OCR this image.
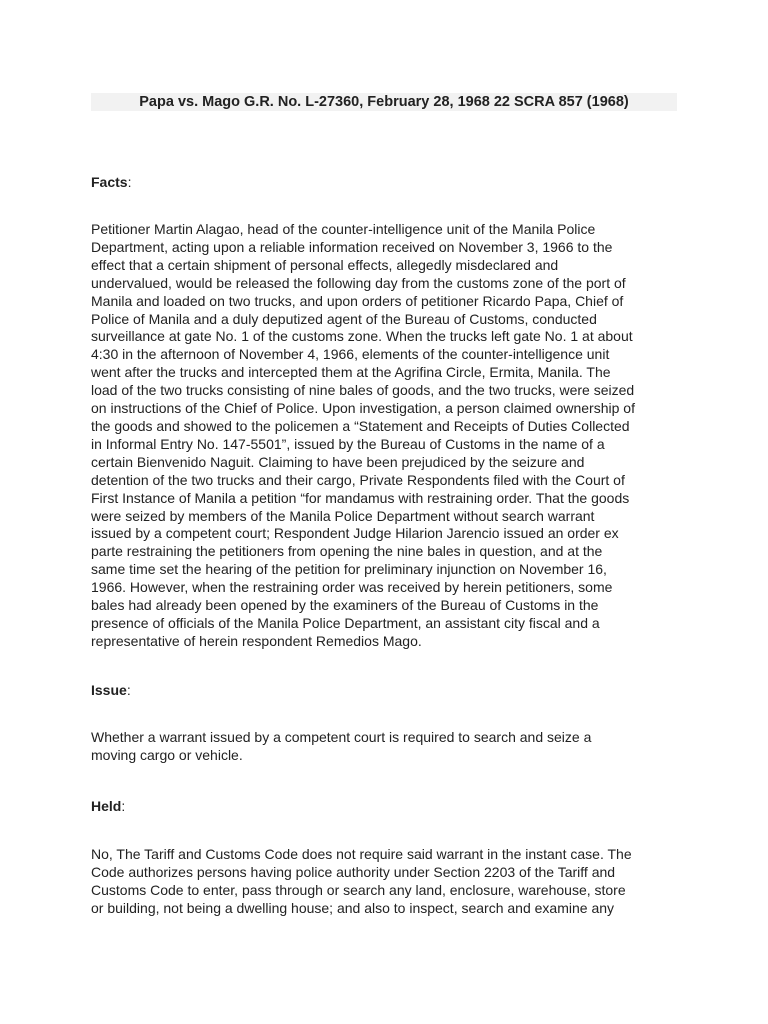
Papa vs. Mago G.R. No. L-27360, February 28, 1968 22 SCRA 857 (1968)
Facts:
Petitioner Martin Alagao, head of the counter-intelligence unit of the Manila Police
Department, acting upon a reliable information received on November 3, 1966 to the
effect that a certain shipment of personal effects, allegedly misdeclared and
undervalued, would be released the following day from the customs zone of the port of
Manila and loaded on two trucks, and upon orders of petitioner Ricardo Papa, Chief of
Police of Manila and a duly deputized agent of the Bureau of Customs, conducted
surveillance at gate No. 1 of the customs zone. When the trucks left gate No. 1 at about
4:30 in the afternoon of November 4, 1966, elements of the counter-intelligence unit
went after the trucks and intercepted them at the Agrifina Circle, Ermita, Manila. The
load of the two trucks consisting of nine bales of goods, and the two trucks, were seized
on instructions of the Chief of Police. Upon investigation, a person claimed ownership of
the goods and showed to the policemen a “Statement and Receipts of Duties Collected
in Informal Entry No. 147-5501”, issued by the Bureau of Customs in the name of a
certain Bienvenido Naguit. Claiming to have been prejudiced by the seizure and
detention of the two trucks and their cargo, Private Respondents filed with the Court of
First Instance of Manila a petition “for mandamus with restraining order. That the goods
were seized by members of the Manila Police Department without search warrant
issued by a competent court; Respondent Judge Hilarion Jarencio issued an order ex
parte restraining the petitioners from opening the nine bales in question, and at the
same time set the hearing of the petition for preliminary injunction on November 16,
1966. However, when the restraining order was received by herein petitioners, some
bales had already been opened by the examiners of the Bureau of Customs in the
presence of officials of the Manila Police Department, an assistant city fiscal and a
representative of herein respondent Remedios Mago.
Issue:
Whether a warrant issued by a competent court is required to search and seize a
moving cargo or vehicle.
Held:
No, The Tariff and Customs Code does not require said warrant in the instant case. The
Code authorizes persons having police authority under Section 2203 of the Tariff and
Customs Code to enter, pass through or search any land, enclosure, warehouse, store
or building, not being a dwelling house; and also to inspect, search and examine any
